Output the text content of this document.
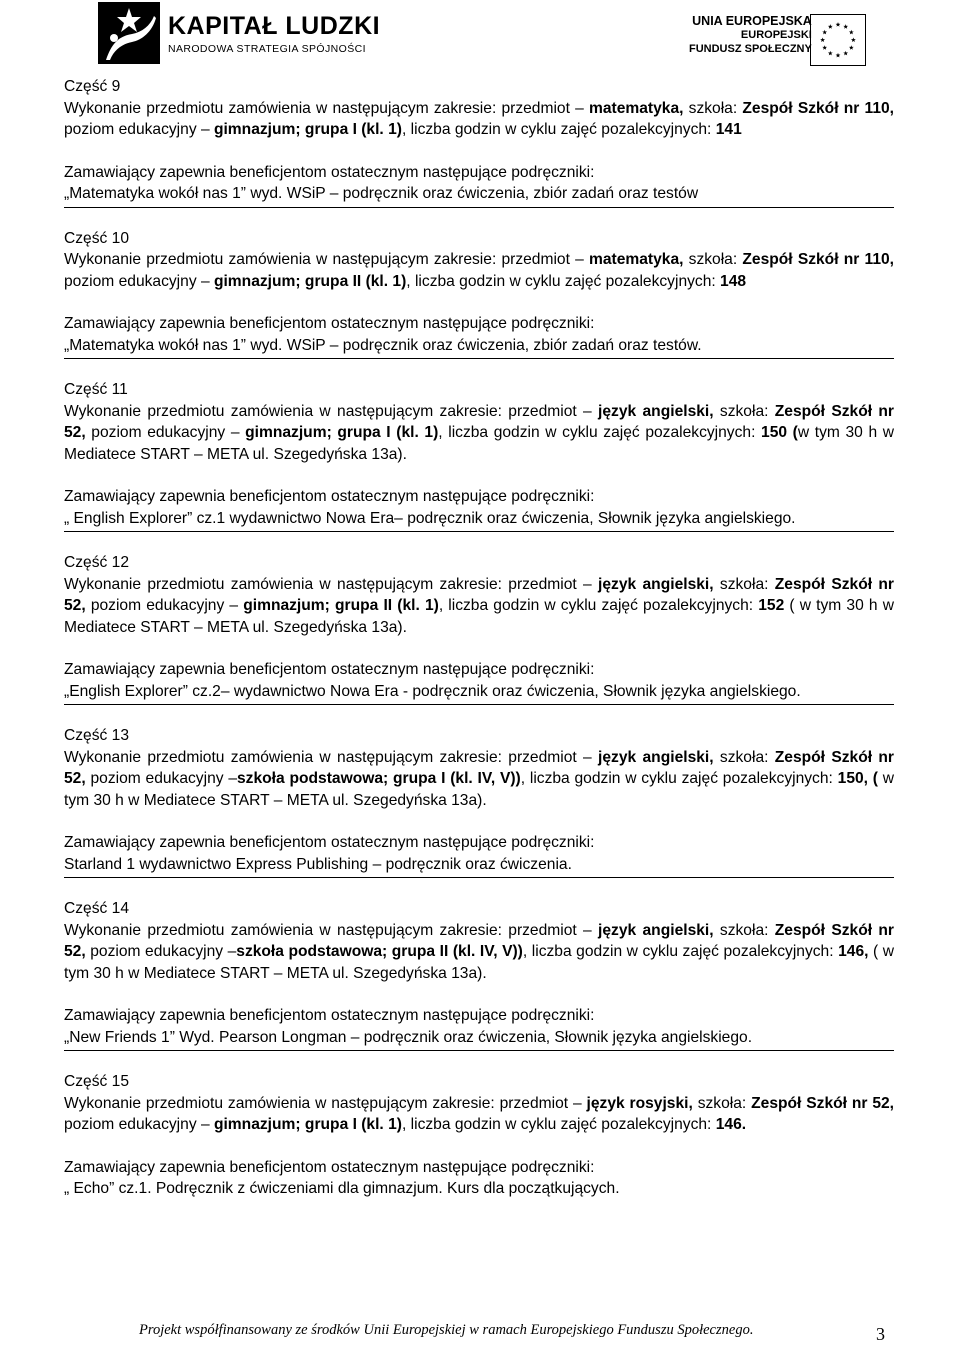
KAPITAŁ LUDZKI
NARODOWA STRATEGIA SPÓJNOŚCI
UNIA EUROPEJSKA
EUROPEJSKI
FUNDUSZ SPOŁECZNY
Część 9
Wykonanie przedmiotu zamówienia w następującym zakresie: przedmiot – matematyka, szkoła: Zespół Szkół nr 110, poziom edukacyjny – gimnazjum; grupa I (kl. 1), liczba godzin w cyklu zajęć pozalekcyjnych: 141
Zamawiający zapewnia beneficjentom ostatecznym następujące podręczniki:
„Matematyka wokół nas 1” wyd. WSiP – podręcznik oraz ćwiczenia, zbiór zadań oraz testów
Część 10
Wykonanie przedmiotu zamówienia w następującym zakresie: przedmiot – matematyka, szkoła: Zespół Szkół nr 110, poziom edukacyjny – gimnazjum; grupa II (kl. 1), liczba godzin w cyklu zajęć pozalekcyjnych: 148
Zamawiający zapewnia beneficjentom ostatecznym następujące podręczniki:
„Matematyka wokół nas 1” wyd. WSiP – podręcznik oraz ćwiczenia, zbiór zadań oraz testów.
Część 11
Wykonanie przedmiotu zamówienia w następującym zakresie: przedmiot – język angielski, szkoła: Zespół Szkół nr 52, poziom edukacyjny – gimnazjum; grupa I (kl. 1), liczba godzin w cyklu zajęć pozalekcyjnych: 150 (w tym 30 h w Mediatece START – META ul. Szegedyńska 13a).
Zamawiający zapewnia beneficjentom ostatecznym następujące podręczniki:
„ English Explorer” cz.1 wydawnictwo Nowa Era– podręcznik oraz ćwiczenia, Słownik języka angielskiego.
Część 12
Wykonanie przedmiotu zamówienia w następującym zakresie: przedmiot – język angielski, szkoła: Zespół Szkół nr 52, poziom edukacyjny – gimnazjum; grupa II (kl. 1), liczba godzin w cyklu zajęć pozalekcyjnych: 152 ( w tym 30 h w Mediatece START – META ul. Szegedyńska 13a).
Zamawiający zapewnia beneficjentom ostatecznym następujące podręczniki:
„English Explorer” cz.2– wydawnictwo Nowa Era - podręcznik oraz ćwiczenia, Słownik języka angielskiego.
Część 13
Wykonanie przedmiotu zamówienia w następującym zakresie: przedmiot – język angielski, szkoła: Zespół Szkół nr 52, poziom edukacyjny –szkoła podstawowa; grupa I (kl. IV, V)), liczba godzin w cyklu zajęć pozalekcyjnych: 150, ( w tym 30 h w Mediatece START – META ul. Szegedyńska 13a).
Zamawiający zapewnia beneficjentom ostatecznym następujące podręczniki:
Starland 1 wydawnictwo Express Publishing – podręcznik oraz ćwiczenia.
Część 14
Wykonanie przedmiotu zamówienia w następującym zakresie: przedmiot – język angielski, szkoła: Zespół Szkół nr 52, poziom edukacyjny –szkoła podstawowa; grupa II (kl. IV, V)), liczba godzin w cyklu zajęć pozalekcyjnych: 146, ( w tym 30 h w Mediatece START – META ul. Szegedyńska 13a).
Zamawiający zapewnia beneficjentom ostatecznym następujące podręczniki:
„New Friends 1” Wyd. Pearson Longman – podręcznik oraz ćwiczenia, Słownik języka angielskiego.
Część 15
Wykonanie przedmiotu zamówienia w następującym zakresie: przedmiot – język rosyjski, szkoła: Zespół Szkół nr 52, poziom edukacyjny – gimnazjum; grupa I (kl. 1), liczba godzin w cyklu zajęć pozalekcyjnych: 146.
Zamawiający zapewnia beneficjentom ostatecznym następujące podręczniki:
„ Echo” cz.1. Podręcznik z ćwiczeniami dla gimnazjum. Kurs dla początkujących.
Projekt współfinansowany ze środków Unii Europejskiej w ramach Europejskiego Funduszu Społecznego.	3
